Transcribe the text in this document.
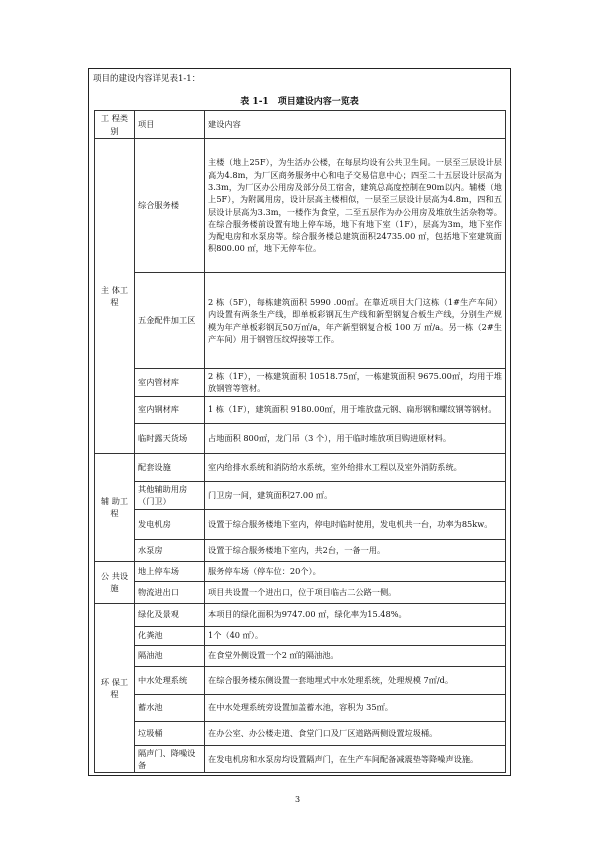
项目的建设内容详见表1-1：
表 1-1　项目建设内容一览表
工 程类别	项目	建设内容
主 体工程	综合服务楼	主楼（地上25F），为生活办公楼，在每层均设有公共卫生间。一层至三层设计层高为4.8m，为厂区商务服务中心和电子交易信息中心；四至二十五层设计层高为3.3m，为厂区办公用房及部分员工宿舍，建筑总高度控制在90m以内。辅楼（地上5F），为附属用房，设计层高主楼相似，一层至三层设计层高为4.8m，四和五层设计层高为3.3m，一楼作为食堂，二至五层作为办公用房及堆放生活杂物等。在综合服务楼前设置有地上停车场，地下有地下室（1F），层高为3m，地下室作为配电房和水泵房等。综合服务楼总建筑面积24735.00 ㎡，包括地下室建筑面积800.00 ㎡，地下无停车位。
	五金配件加工区	2 栋（5F），每栋建筑面积 5990 .00㎡。在靠近项目大门这栋（1#生产车间）内设置有两条生产线，即单板彩钢瓦生产线和新型钢复合板生产线，分别生产规模为年产单板彩钢瓦50万㎡/a，年产新型钢复合板 100 万 ㎡/a。另一栋（2#生产车间）用于钢管压纹焊接等工作。
	室内管材库	2 栋（1F），一栋建筑面积 10518.75㎡，一栋建筑面积 9675.00㎡，均用于堆放钢管等管材。
	室内钢材库	1 栋（1F），建筑面积 9180.00㎡，用于堆放盘元钢、扁形钢和螺纹钢等钢材。
	临时露天货场	占地面积 800㎡，龙门吊（3 个），用于临时堆放项目购进原材料。
辅 助工程	配套设施	室内给排水系统和消防给水系统，室外给排水工程以及室外消防系统。
	其他辅助用房（门卫）	门卫房一间，建筑面积27.00 ㎡。
	发电机房	设置于综合服务楼地下室内，停电时临时使用，发电机共一台，功率为85kw。
	水泵房	设置于综合服务楼地下室内，共2台，一备一用。
公 共设施	地上停车场	服务停车场（停车位：20个）。
	物流进出口	项目共设置一个进出口，位于项目临古二公路一侧。
环 保工程	绿化及景观	本项目的绿化面积为9747.00 ㎡，绿化率为15.48%。
	化粪池	1个（40 ㎡）。
	隔油池	在食堂外侧设置一个2 ㎡的隔油池。
	中水处理系统	在综合服务楼东侧设置一套地埋式中水处理系统，处理规模 7㎡/d。
	蓄水池	在中水处理系统旁设置加盖蓄水池，容积为 35㎡。
	垃圾桶	在办公室、办公楼走道、食堂门口及厂区道路两侧设置垃圾桶。
	隔声门、降噪设备	在发电机房和水泵房均设置隔声门，在生产车间配备减震垫等降噪声设施。
3
